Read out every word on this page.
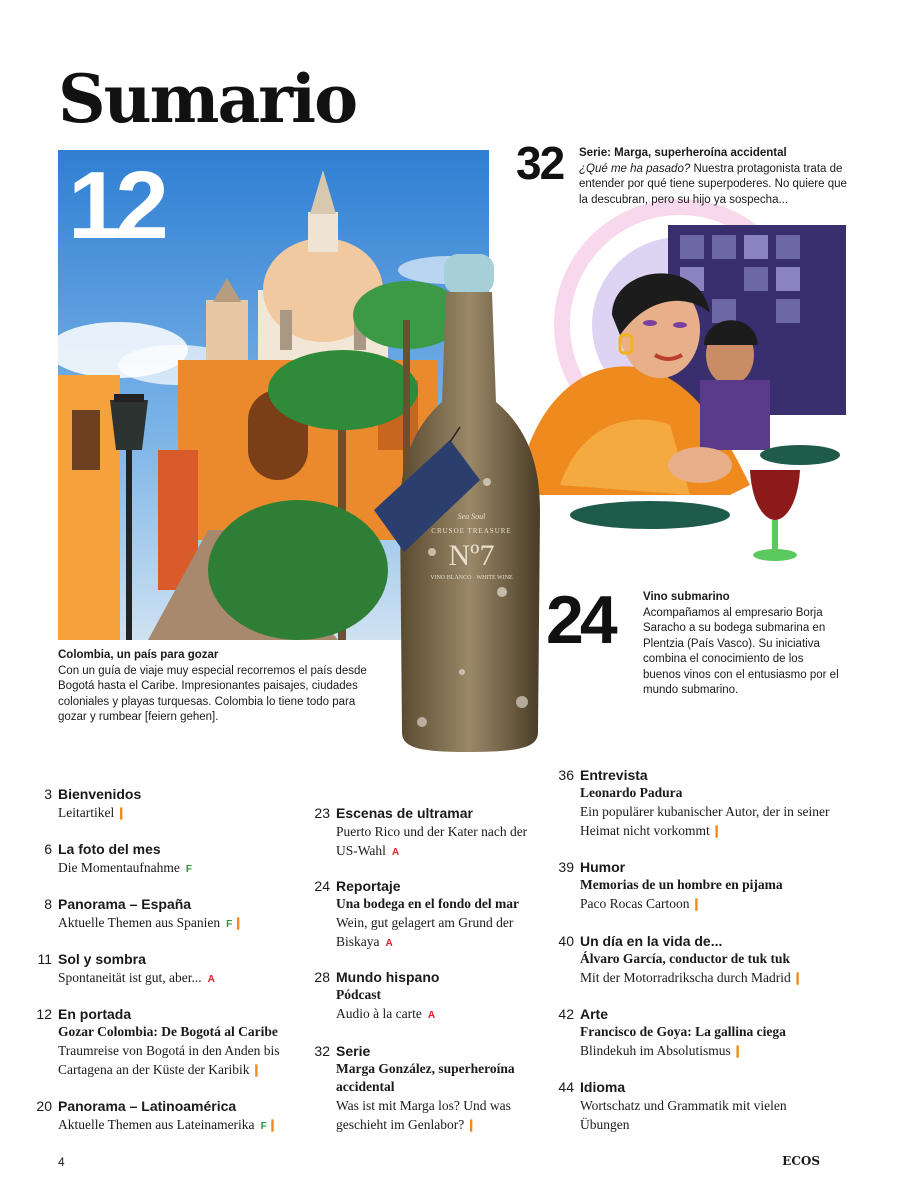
Sumario
12
Sea Soul
CRUSOE TREASURE
Nº7
VINO BLANCO · WHITE WINE
32 Serie: Marga, superheroína accidental
¿Qué me ha pasado? Nuestra protagonista trata de entender por qué tiene superpoderes. No quiere que la descubran, pero su hijo ya sospecha...
24	Vino submarino
Acompañamos al empresario Borja Saracho a su bodega submarina en Plentzia (País Vasco). Su iniciativa combina el conocimiento de los buenos vinos con el entusiasmo por el mundo submarino.
Colombia, un país para gozar
Con un guía de viaje muy especial recorremos el país desde Bogotá hasta el Caribe. Impresionantes paisajes, ciudades coloniales y playas turquesas. Colombia lo tiene todo para gozar y rumbear [feiern gehen].
3 Bienvenidos
Leitartikel ▎
6 La foto del mes
Die Momentaufnahme F
8 Panorama – España
Aktuelle Themen aus Spanien F ▎
11 Sol y sombra
Spontaneität ist gut, aber... A
12 En portada
Gozar Colombia: De Bogotá al Caribe
Traumreise von Bogotá in den Anden bis Cartagena an der Küste der Karibik ▎
20 Panorama – Latinoamérica
Aktuelle Themen aus Lateinamerika F ▎
23 Escenas de ultramar
Puerto Rico und der Kater nach der US-Wahl A
24 Reportaje
Una bodega en el fondo del mar
Wein, gut gelagert am Grund der Biskaya A
28 Mundo hispano
Pódcast
Audio à la carte A
32 Serie
Marga González, superheroína accidental
Was ist mit Marga los? Und was geschieht im Genlabor? ▎
36 Entrevista
Leonardo Padura
Ein populärer kubanischer Autor, der in seiner Heimat nicht vorkommt ▎
39 Humor
Memorias de un hombre en pijama
Paco Rocas Cartoon ▎
40 Un día en la vida de...
Álvaro García, conductor de tuk tuk
Mit der Motorradrikscha durch Madrid ▎
42 Arte
Francisco de Goya: La gallina ciega
Blindekuh im Absolutismus ▎
44 Idioma
Wortschatz und Grammatik mit vielen Übungen
4	ECOS
